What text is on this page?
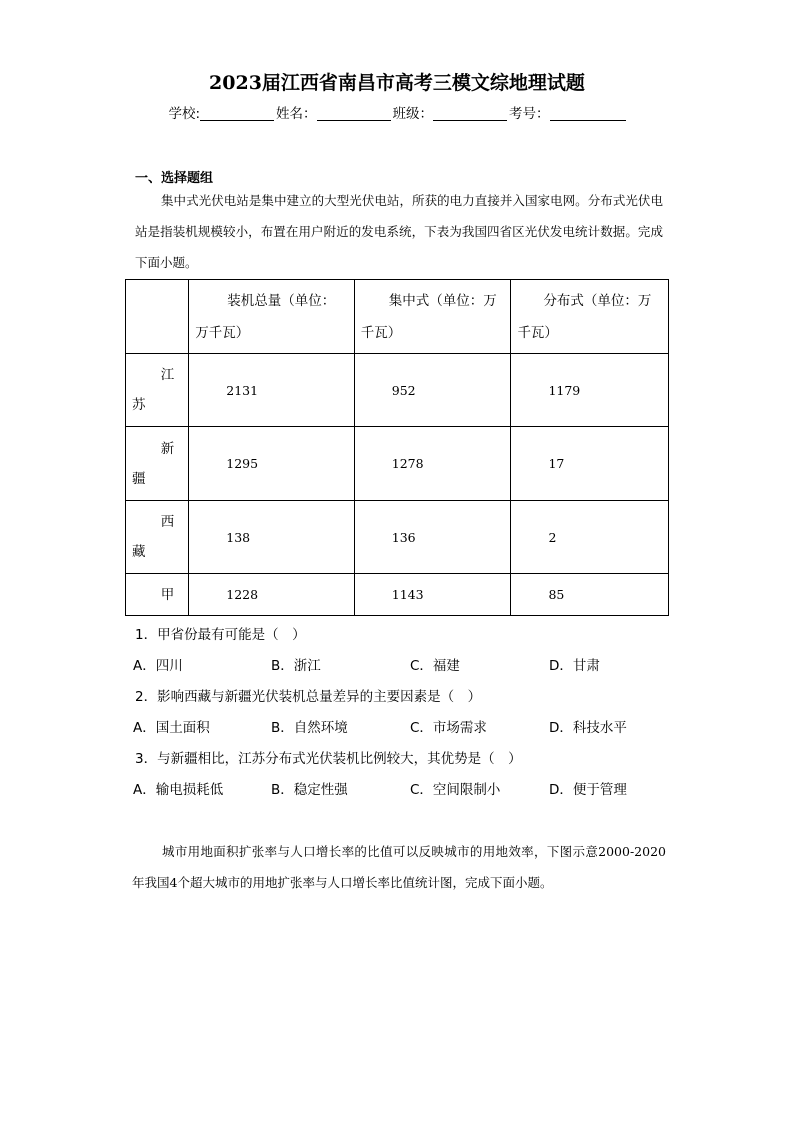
2023届江西省南昌市高考三模文综地理试题
学校:	姓名：	班级：	考号：
一、选择题组
集中式光伏电站是集中建立的大型光伏电站，所获的电力直接并入国家电网。分布式光伏电站是指装机规模较小，布置在用户附近的发电系统，下表为我国四省区光伏发电统计数据。完成下面小题。
	装机总量（单位：万千瓦）	集中式（单位：万千瓦）	分布式（单位：万千瓦）

江
苏	2131	952	1179

新
疆	1295	1278	17

西
藏	138	136	2

甲	1228	1143	85
1．甲省份最有可能是（　）
A．四川	B．浙江	C．福建	D．甘肃
2．影响西藏与新疆光伏装机总量差异的主要因素是（　）
A．国土面积	B．自然环境	C．市场需求	D．科技水平
3．与新疆相比，江苏分布式光伏装机比例较大，其优势是（　）
A．输电损耗低	B．稳定性强	C．空间限制小	D．便于管理
城市用地面积扩张率与人口增长率的比值可以反映城市的用地效率，下图示意2000-2020年我国4个超大城市的用地扩张率与人口增长率比值统计图，完成下面小题。
